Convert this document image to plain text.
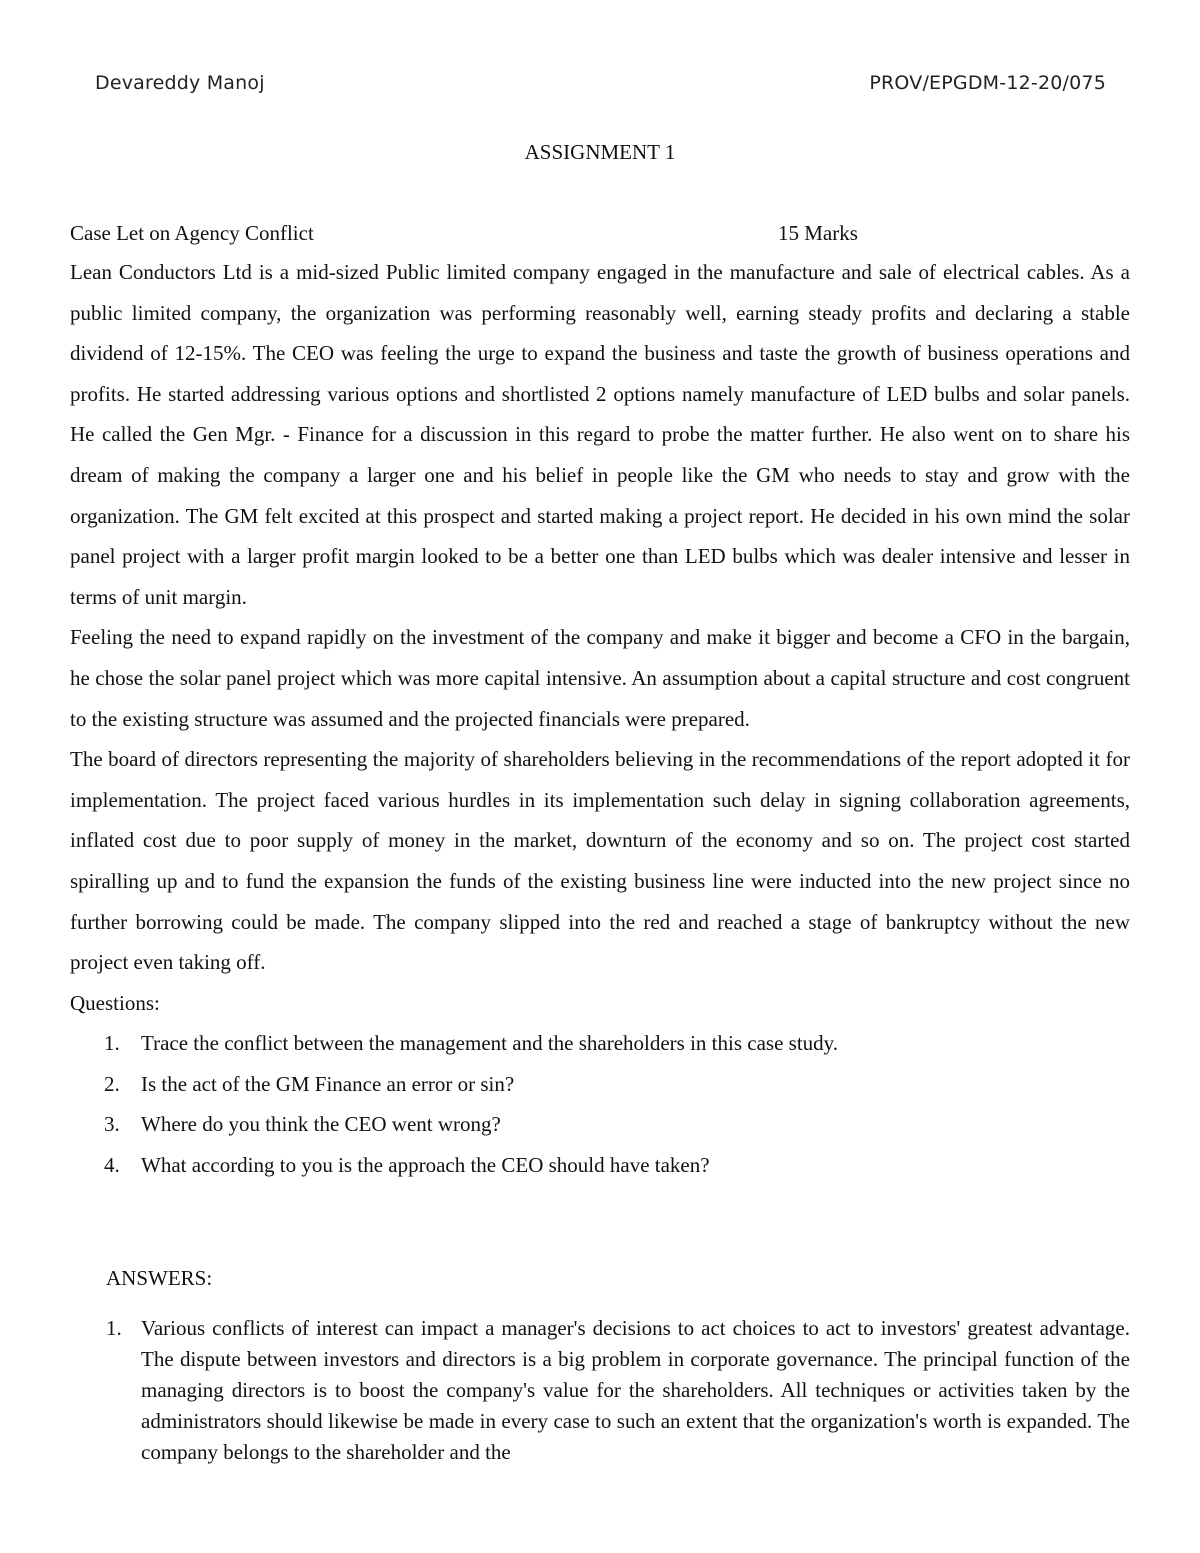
Devareddy Manoj	PROV/EPGDM-12-20/075
ASSIGNMENT 1
Case Let on Agency Conflict	15 Marks

Lean Conductors Ltd is a mid-sized Public limited company engaged in the manufacture and sale of electrical cables. As a public limited company, the organization was performing reasonably well, earning steady profits and declaring a stable dividend of 12-15%. The CEO was feeling the urge to expand the business and taste the growth of business operations and profits. He started addressing various options and shortlisted 2 options namely manufacture of LED bulbs and solar panels. He called the Gen Mgr. - Finance for a discussion in this regard to probe the matter further. He also went on to share his dream of making the company a larger one and his belief in people like the GM who needs to stay and grow with the organization. The GM felt excited at this prospect and started making a project report. He decided in his own mind the solar panel project with a larger profit margin looked to be a better one than LED bulbs which was dealer intensive and lesser in terms of unit margin.

Feeling the need to expand rapidly on the investment of the company and make it bigger and become a CFO in the bargain, he chose the solar panel project which was more capital intensive. An assumption about a capital structure and cost congruent to the existing structure was assumed and the projected financials were prepared.

The board of directors representing the majority of shareholders believing in the recommendations of the report adopted it for implementation. The project faced various hurdles in its implementation such delay in signing collaboration agreements, inflated cost due to poor supply of money in the market, downturn of the economy and so on. The project cost started spiralling up and to fund the expansion the funds of the existing business line were inducted into the new project since no further borrowing could be made. The company slipped into the red and reached a stage of bankruptcy without the new project even taking off.

Questions:

1. Trace the conflict between the management and the shareholders in this case study.
2. Is the act of the GM Finance an error or sin?
3. Where do you think the CEO went wrong?
4. What according to you is the approach the CEO should have taken?
ANSWERS:
1. Various conflicts of interest can impact a manager's decisions to act choices to act to investors' greatest advantage. The dispute between investors and directors is a big problem in corporate governance. The principal function of the managing directors is to boost the company's value for the shareholders. All techniques or activities taken by the administrators should likewise be made in every case to such an extent that the organization's worth is expanded. The company belongs to the shareholder and the
